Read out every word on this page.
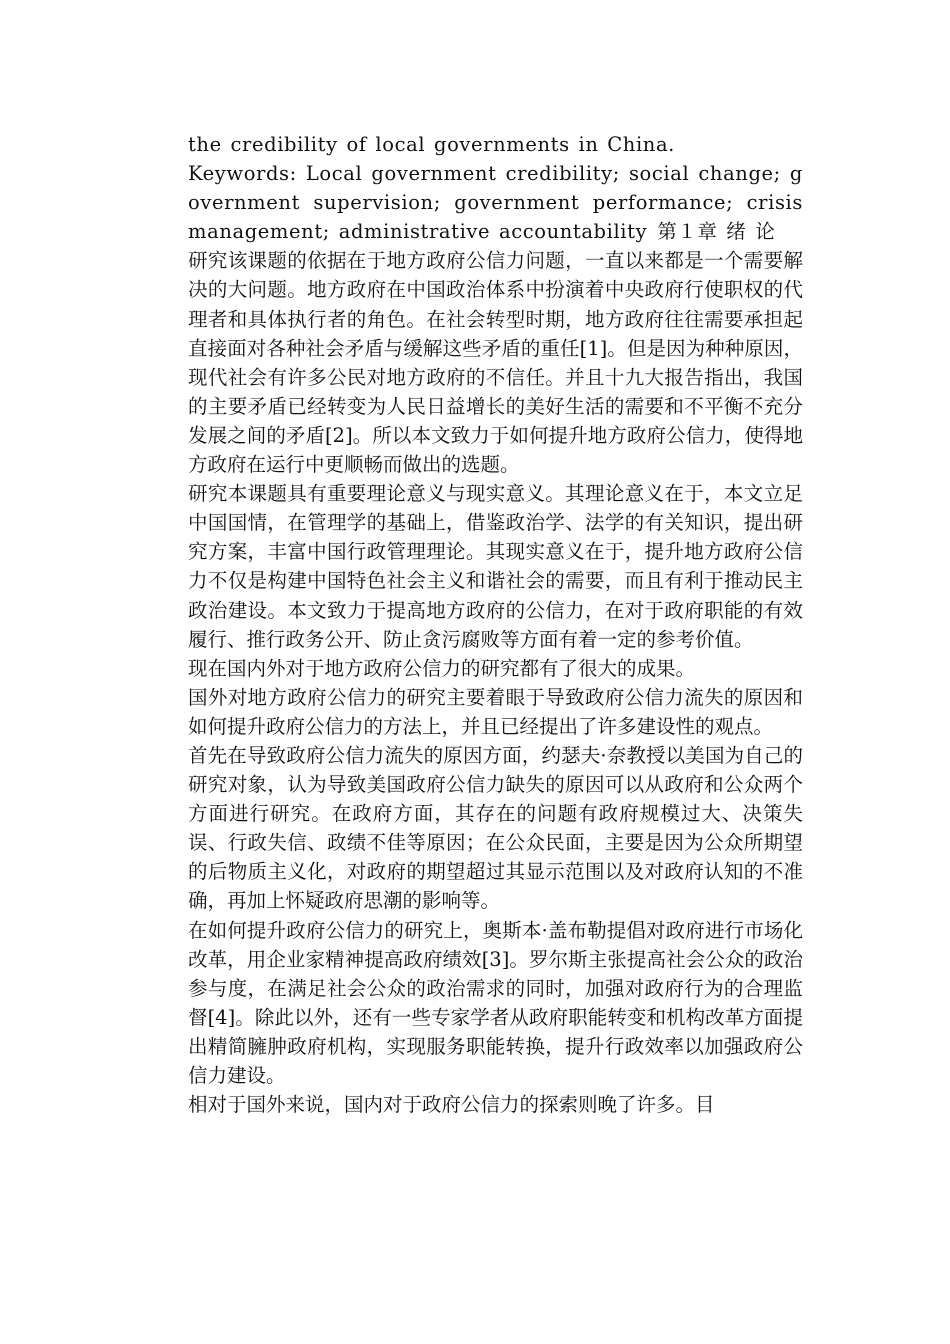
the credibility of local governments in China.

Keywords: Local government credibility; social change; government supervision; government performance; crisis management; administrative accountability 第１章 绪 论

研究该课题的依据在于地方政府公信力问题，一直以来都是一个需要解决的大问题。地方政府在中国政治体系中扮演着中央政府行使职权的代理者和具体执行者的角色。在社会转型时期，地方政府往往需要承担起直接面对各种社会矛盾与缓解这些矛盾的重任[1]。但是因为种种原因，现代社会有许多公民对地方政府的不信任。并且十九大报告指出，我国的主要矛盾已经转变为人民日益增长的美好生活的需要和不平衡不充分发展之间的矛盾[2]。所以本文致力于如何提升地方政府公信力，使得地方政府在运行中更顺畅而做出的选题。

研究本课题具有重要理论意义与现实意义。其理论意义在于，本文立足中国国情，在管理学的基础上，借鉴政治学、法学的有关知识，提出研究方案，丰富中国行政管理理论。其现实意义在于，提升地方政府公信力不仅是构建中国特色社会主义和谐社会的需要，而且有利于推动民主政治建设。本文致力于提高地方政府的公信力，在对于政府职能的有效履行、推行政务公开、防止贪污腐败等方面有着一定的参考价值。

现在国内外对于地方政府公信力的研究都有了很大的成果。

国外对地方政府公信力的研究主要着眼于导致政府公信力流失的原因和如何提升政府公信力的方法上，并且已经提出了许多建设性的观点。

首先在导致政府公信力流失的原因方面，约瑟夫·奈教授以美国为自己的研究对象，认为导致美国政府公信力缺失的原因可以从政府和公众两个方面进行研究。在政府方面，其存在的问题有政府规模过大、决策失误、行政失信、政绩不佳等原因；在公众民面，主要是因为公众所期望的后物质主义化，对政府的期望超过其显示范围以及对政府认知的不准确，再加上怀疑政府思潮的影响等。

在如何提升政府公信力的研究上，奥斯本·盖布勒提倡对政府进行市场化改革，用企业家精神提高政府绩效[3]。罗尔斯主张提高社会公众的政治参与度，在满足社会公众的政治需求的同时，加强对政府行为的合理监督[4]。除此以外，还有一些专家学者从政府职能转变和机构改革方面提出精简臃肿政府机构，实现服务职能转换，提升行政效率以加强政府公信力建设。

相对于国外来说，国内对于政府公信力的探索则晚了许多。目
